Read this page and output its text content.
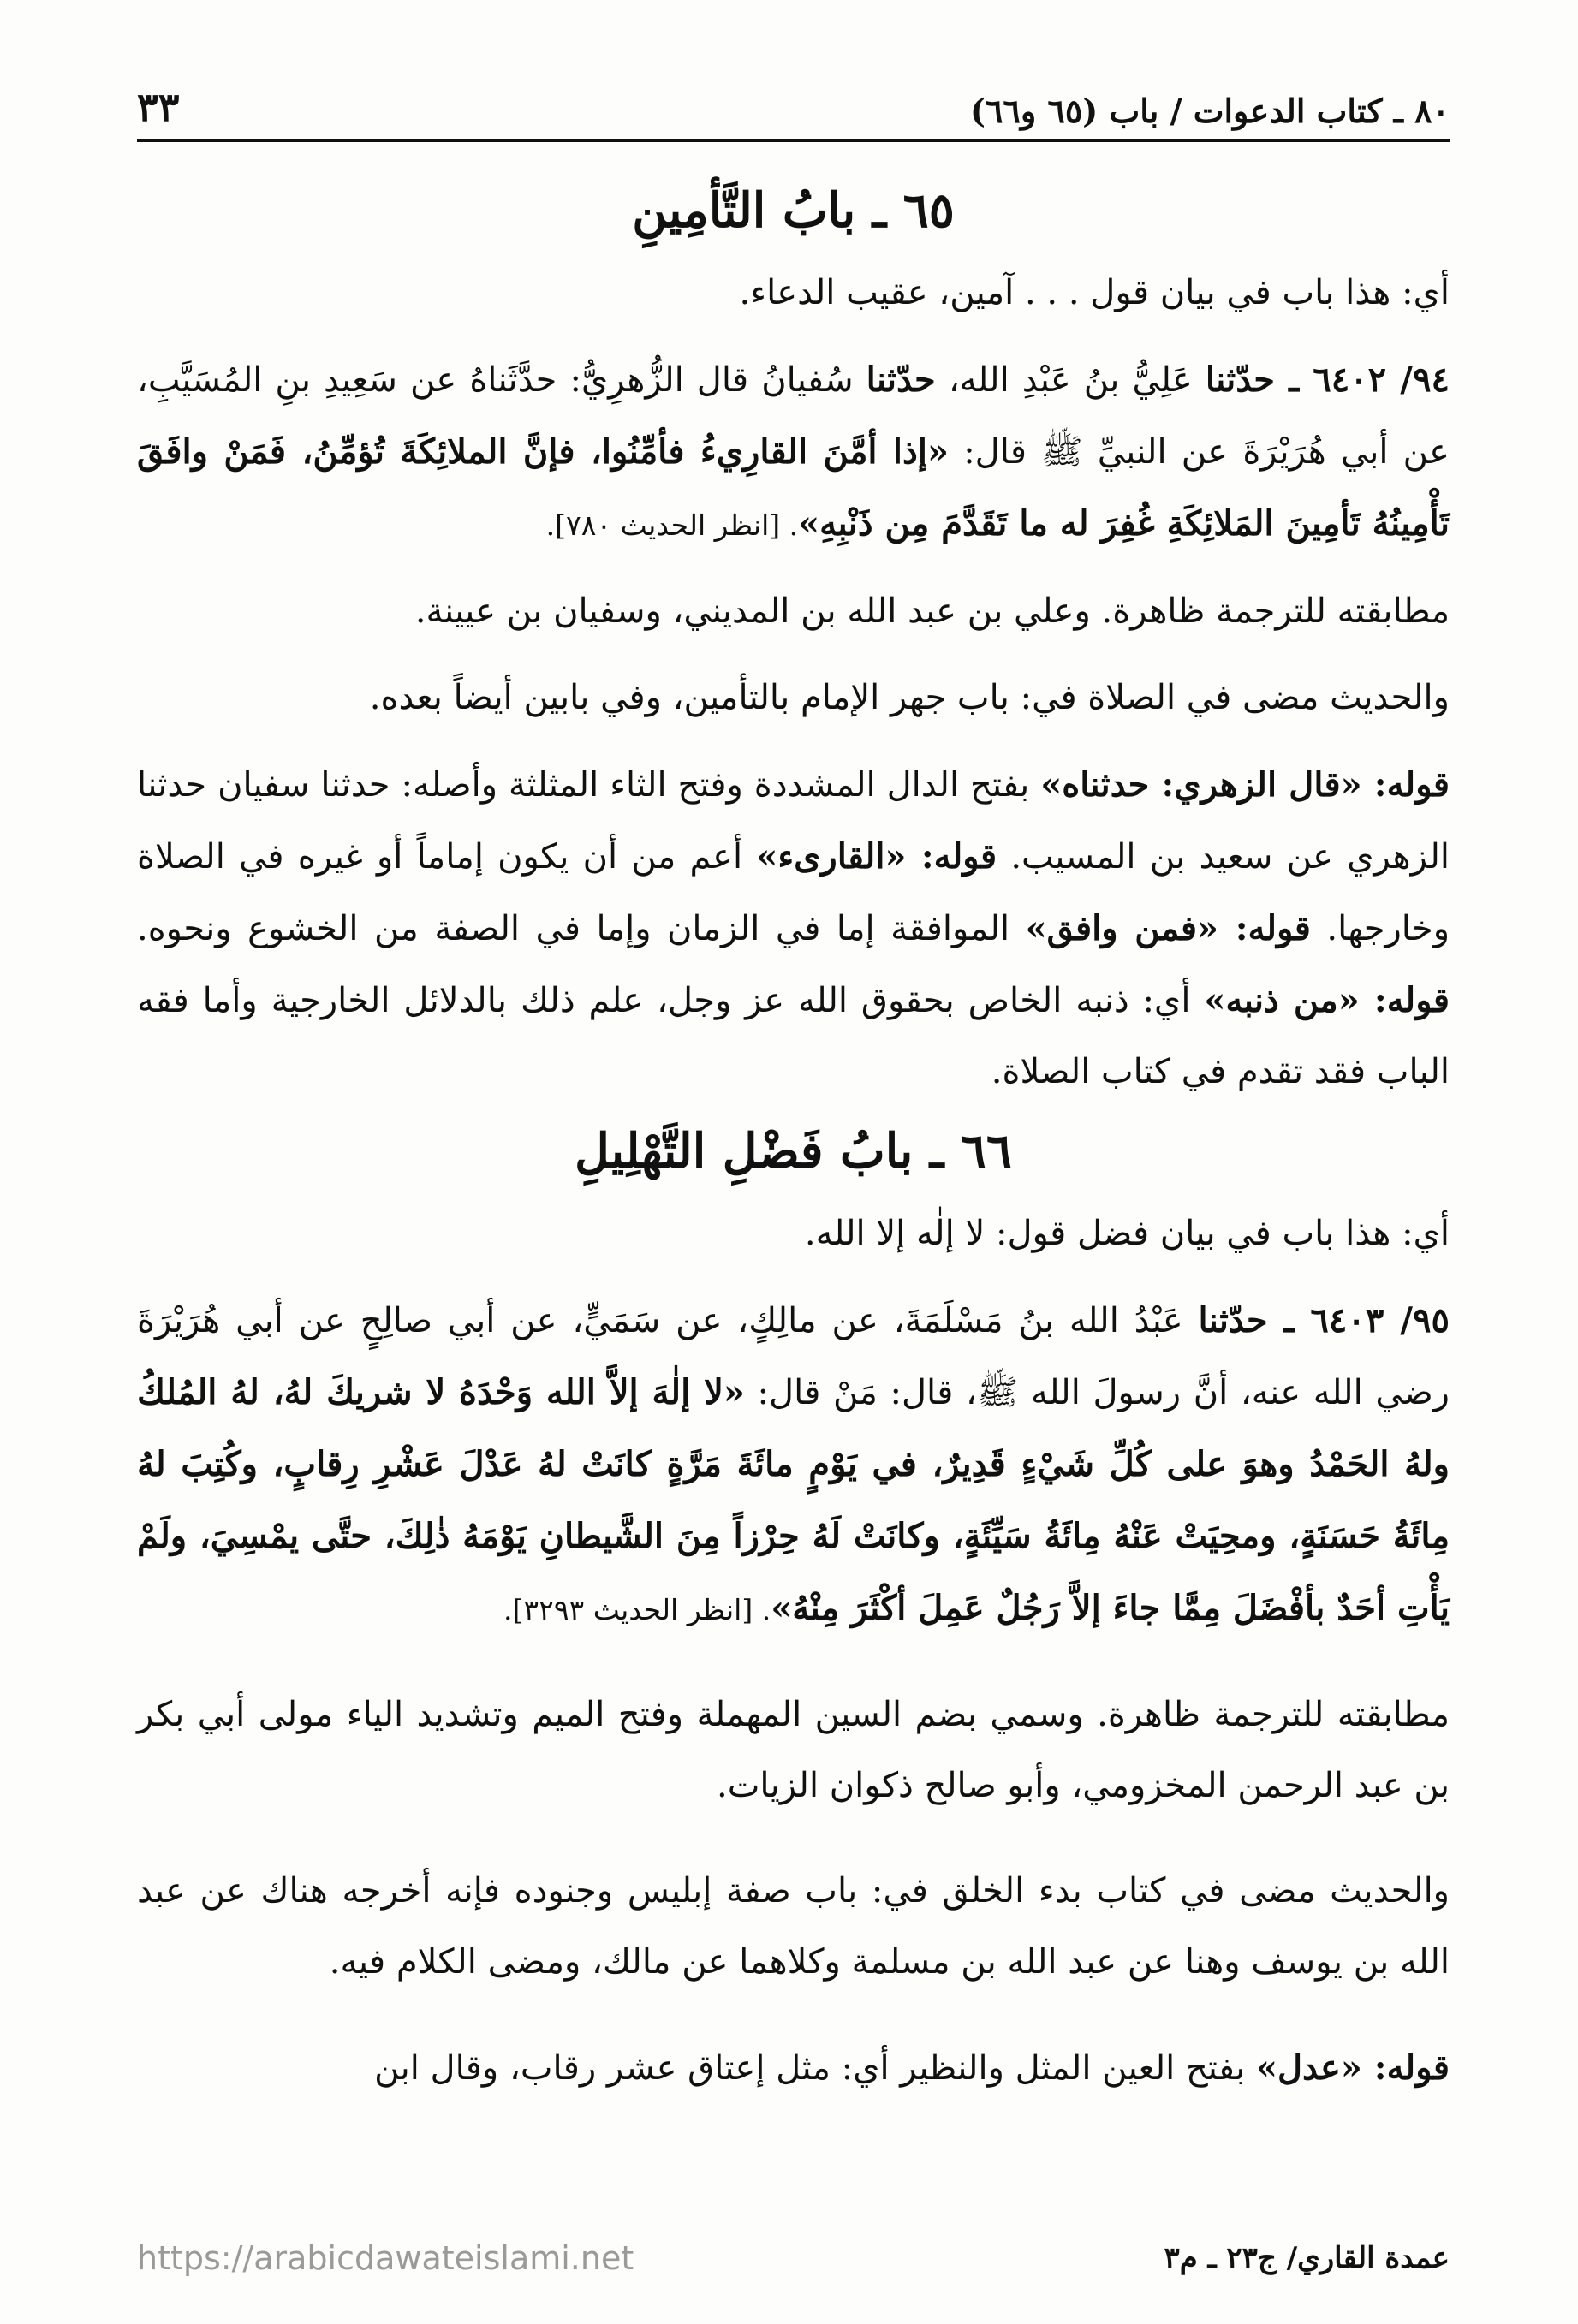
٨٠ ـ كتاب الدعوات / باب (٦٥ و٦٦)
٣٣
٦٥ ـ بابُ التَّأمِينِ

أي: هذا باب في بيان قول . . . آمين، عقيب الدعاء.

٩٤/ ٦٤٠٢ ـ حدّثنا عَلِيُّ بنُ عَبْدِ الله، حدّثنا سُفيانُ قال الزُّهرِيُّ: حدَّثَناهُ عن سَعِيدِ بنِ المُسَيَّبِ، عن أبي هُرَيْرَةَ عن النبيِّ ﷺ قال: «إذا أمَّنَ القارِيءُ فأمِّنُوا، فإنَّ الملائِكَةَ تُؤمِّنُ، فَمَنْ وافَقَ تَأْمِينُهُ تَأمِينَ المَلائِكَةِ غُفِرَ له ما تَقَدَّمَ مِن ذَنْبِهِ». [انظر الحديث ٧٨٠].

مطابقته للترجمة ظاهرة. وعلي بن عبد الله بن المديني، وسفيان بن عيينة.

والحديث مضى في الصلاة في: باب جهر الإمام بالتأمين، وفي بابين أيضاً بعده.

قوله: «قال الزهري: حدثناه» بفتح الدال المشددة وفتح الثاء المثلثة وأصله: حدثنا سفيان حدثنا الزهري عن سعيد بن المسيب. قوله: «القارىء» أعم من أن يكون إماماً أو غيره في الصلاة وخارجها. قوله: «فمن وافق» الموافقة إما في الزمان وإما في الصفة من الخشوع ونحوه. قوله: «من ذنبه» أي: ذنبه الخاص بحقوق الله عز وجل، علم ذلك بالدلائل الخارجية وأما فقه الباب فقد تقدم في كتاب الصلاة.

٦٦ ـ بابُ فَضْلِ التَّهْلِيلِ

أي: هذا باب في بيان فضل قول: لا إلٰه إلا الله.

٩٥/ ٦٤٠٣ ـ حدّثنا عَبْدُ الله بنُ مَسْلَمَةَ، عن مالِكٍ، عن سَمَيٍّ، عن أبي صالِحٍ عن أبي هُرَيْرَةَ رضي الله عنه، أنَّ رسولَ الله ﷺ، قال: مَنْ قال: «لا إلٰهَ إلاَّ الله وَحْدَهُ لا شريكَ لهُ، لهُ المُلكُ ولهُ الحَمْدُ وهوَ على كُلِّ شَيْءٍ قَدِيرٌ، في يَوْمٍ مائَةَ مَرَّةٍ كانَتْ لهُ عَدْلَ عَشْرِ رِقابٍ، وكُتِبَ لهُ مِائَةُ حَسَنَةٍ، ومحِيَتْ عَنْهُ مِائَةُ سَيِّئَةٍ، وكانَتْ لَهُ حِرْزاً مِنَ الشَّيطانِ يَوْمَهُ ذٰلِكَ، حتَّى يمْسِيَ، ولَمْ يَأْتِ أحَدٌ بأفْضَلَ مِمَّا جاءَ إلاَّ رَجُلٌ عَمِلَ أكْثَرَ مِنْهُ». [انظر الحديث ٣٢٩٣].

مطابقته للترجمة ظاهرة. وسمي بضم السين المهملة وفتح الميم وتشديد الياء مولى أبي بكر بن عبد الرحمن المخزومي، وأبو صالح ذكوان الزيات.

والحديث مضى في كتاب بدء الخلق في: باب صفة إبليس وجنوده فإنه أخرجه هناك عن عبد الله بن يوسف وهنا عن عبد الله بن مسلمة وكلاهما عن مالك، ومضى الكلام فيه.

قوله: «عدل» بفتح العين المثل والنظير أي: مثل إعتاق عشر رقاب، وقال ابن

عمدة القاري/ ج٢٣ ـ م٣
https://arabicdawateislami.net
